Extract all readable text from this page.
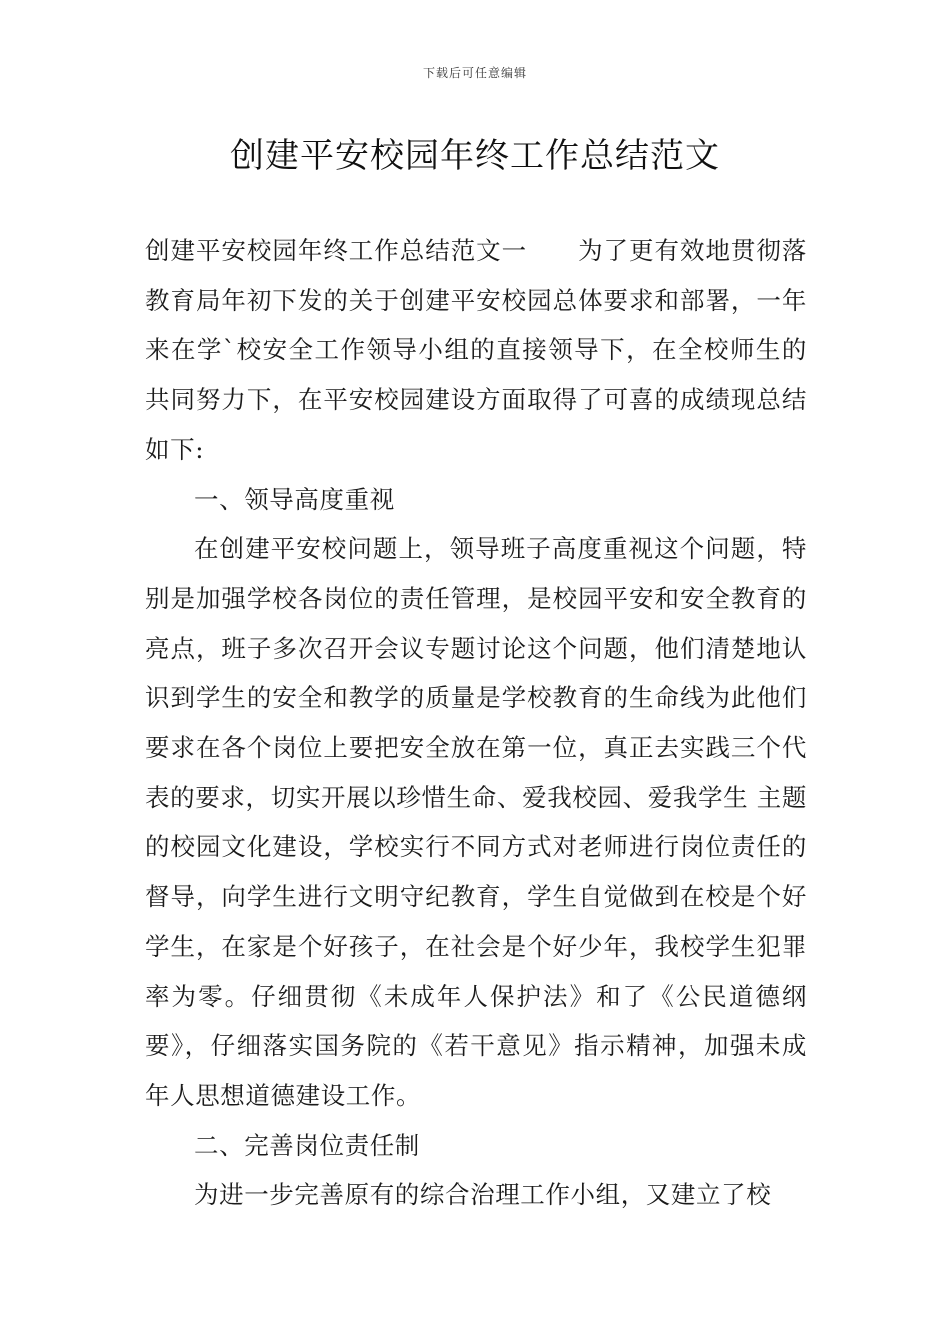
下载后可任意编辑
创建平安校园年终工作总结范文

创建平安校园年终工作总结范文一　　为了更有效地贯彻落教育局年初下发的关于创建平安校园总体要求和部署，一年来在学`校安全工作领导小组的直接领导下，在全校师生的共同努力下，在平安校园建设方面取得了可喜的成绩现总结如下:

一、领导高度重视

在创建平安校问题上，领导班子高度重视这个问题，特别是加强学校各岗位的责任管理，是校园平安和安全教育的亮点，班子多次召开会议专题讨论这个问题，他们清楚地认识到学生的安全和教学的质量是学校教育的生命线为此他们要求在各个岗位上要把安全放在第一位，真正去实践三个代表的要求，切实开展以珍惜生命、爱我校园、爱我学生 主题的校园文化建设，学校实行不同方式对老师进行岗位责任的督导，向学生进行文明守纪教育，学生自觉做到在校是个好学生，在家是个好孩子，在社会是个好少年，我校学生犯罪率为零。仔细贯彻《未成年人保护法》和了《公民道德纲要》，仔细落实国务院的《若干意见》指示精神，加强未成年人思想道德建设工作。

二、完善岗位责任制

为进一步完善原有的综合治理工作小组，又建立了校
